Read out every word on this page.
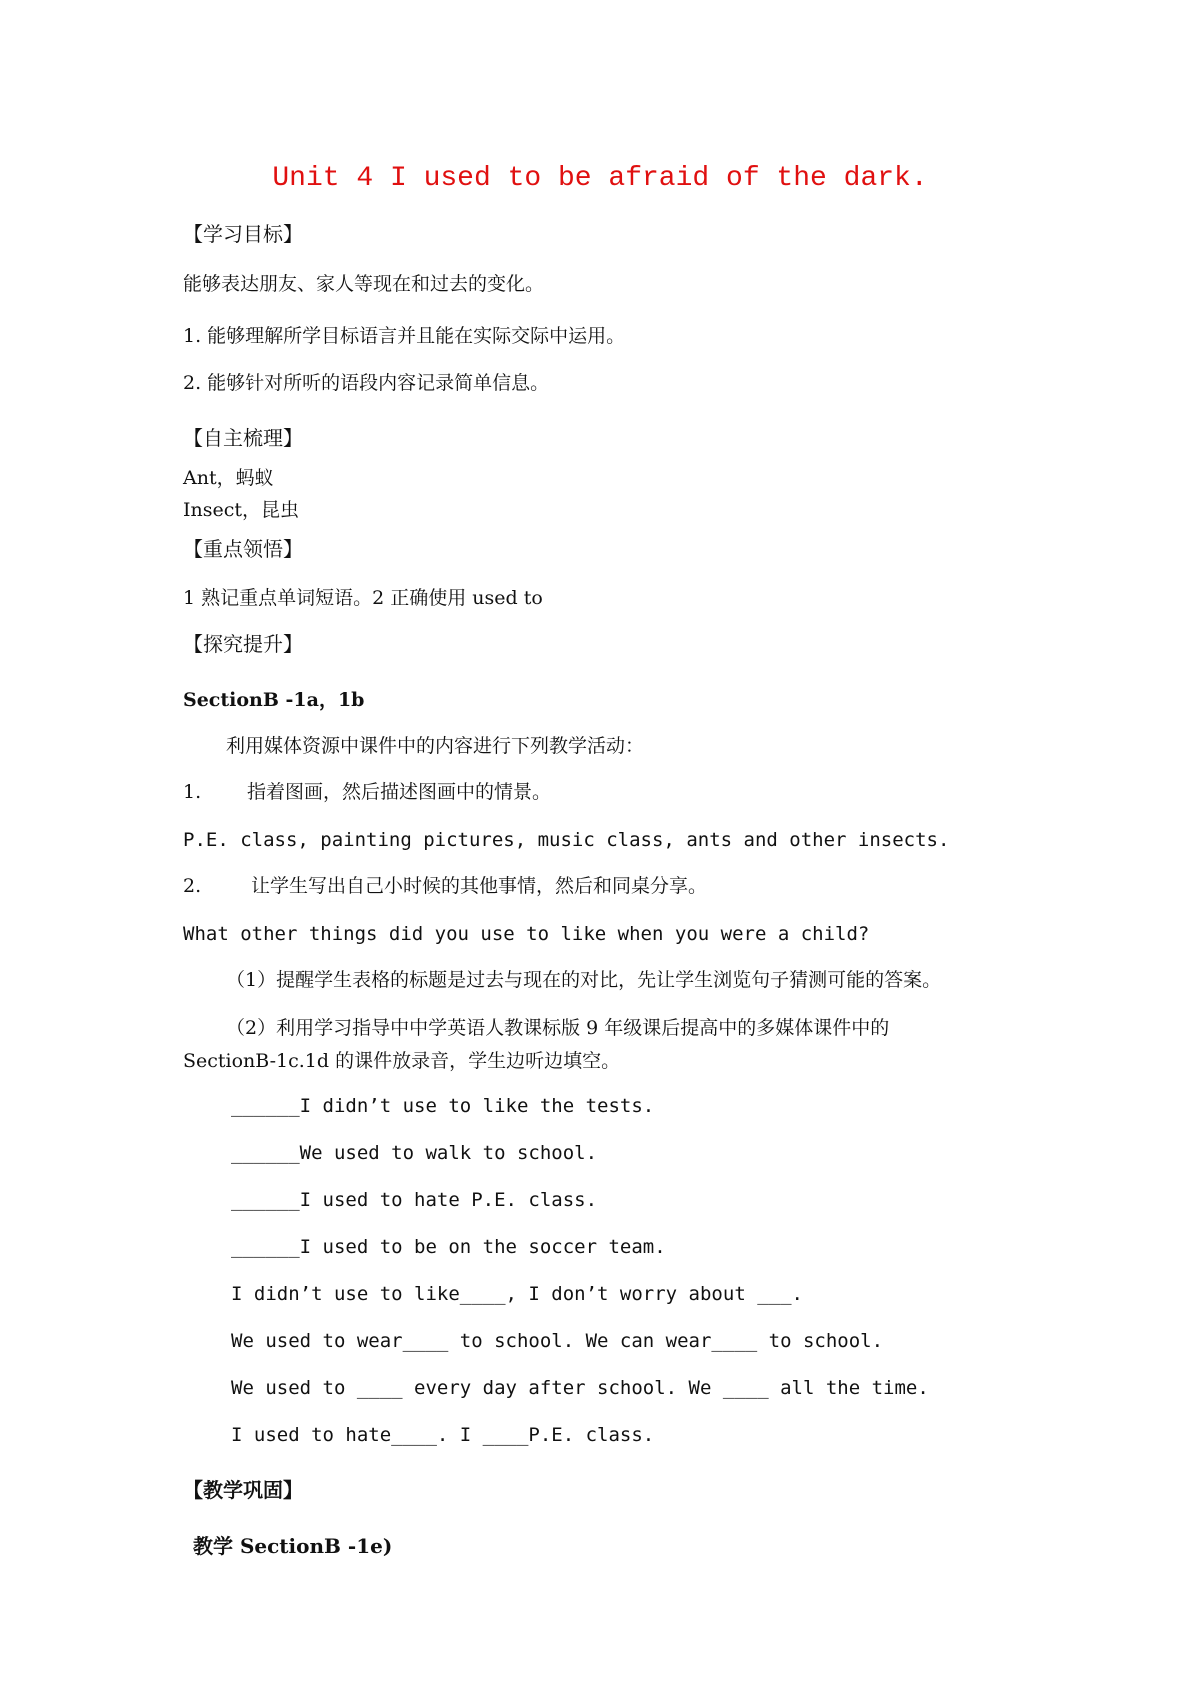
Unit 4 I used to be afraid of the dark.
【学习目标】
能够表达朋友、家人等现在和过去的变化。
1. 能够理解所学目标语言并且能在实际交际中运用。
2. 能够针对所听的语段内容记录简单信息。
【自主梳理】
Ant，蚂蚁
Insect，昆虫
【重点领悟】
1 熟记重点单词短语。2 正确使用 used to
【探究提升】
SectionB -1a，1b
利用媒体资源中课件中的内容进行下列教学活动：
1. 指着图画，然后描述图画中的情景。
P.E. class, painting pictures, music class, ants and other insects.
2.	让学生写出自己小时候的其他事情，然后和同桌分享。
What other things did you use to like when you were a child?
（1）提醒学生表格的标题是过去与现在的对比，先让学生浏览句子猜测可能的答案。
（2）利用学习指导中中学英语人教课标版 9 年级课后提高中的多媒体课件中的
SectionB-1c.1d 的课件放录音，学生边听边填空。
______I didn’t use to like the tests.
______We used to walk to school.
______I used to hate P.E. class.
______I used to be on the soccer team.
I didn’t use to like____, I don’t worry about ___.
We used to wear____ to school. We can wear____ to school.
We used to ____ every day after school. We ____ all the time.
I used to hate____. I ____P.E. class.
【教学巩固】
教学 SectionB -1e)
